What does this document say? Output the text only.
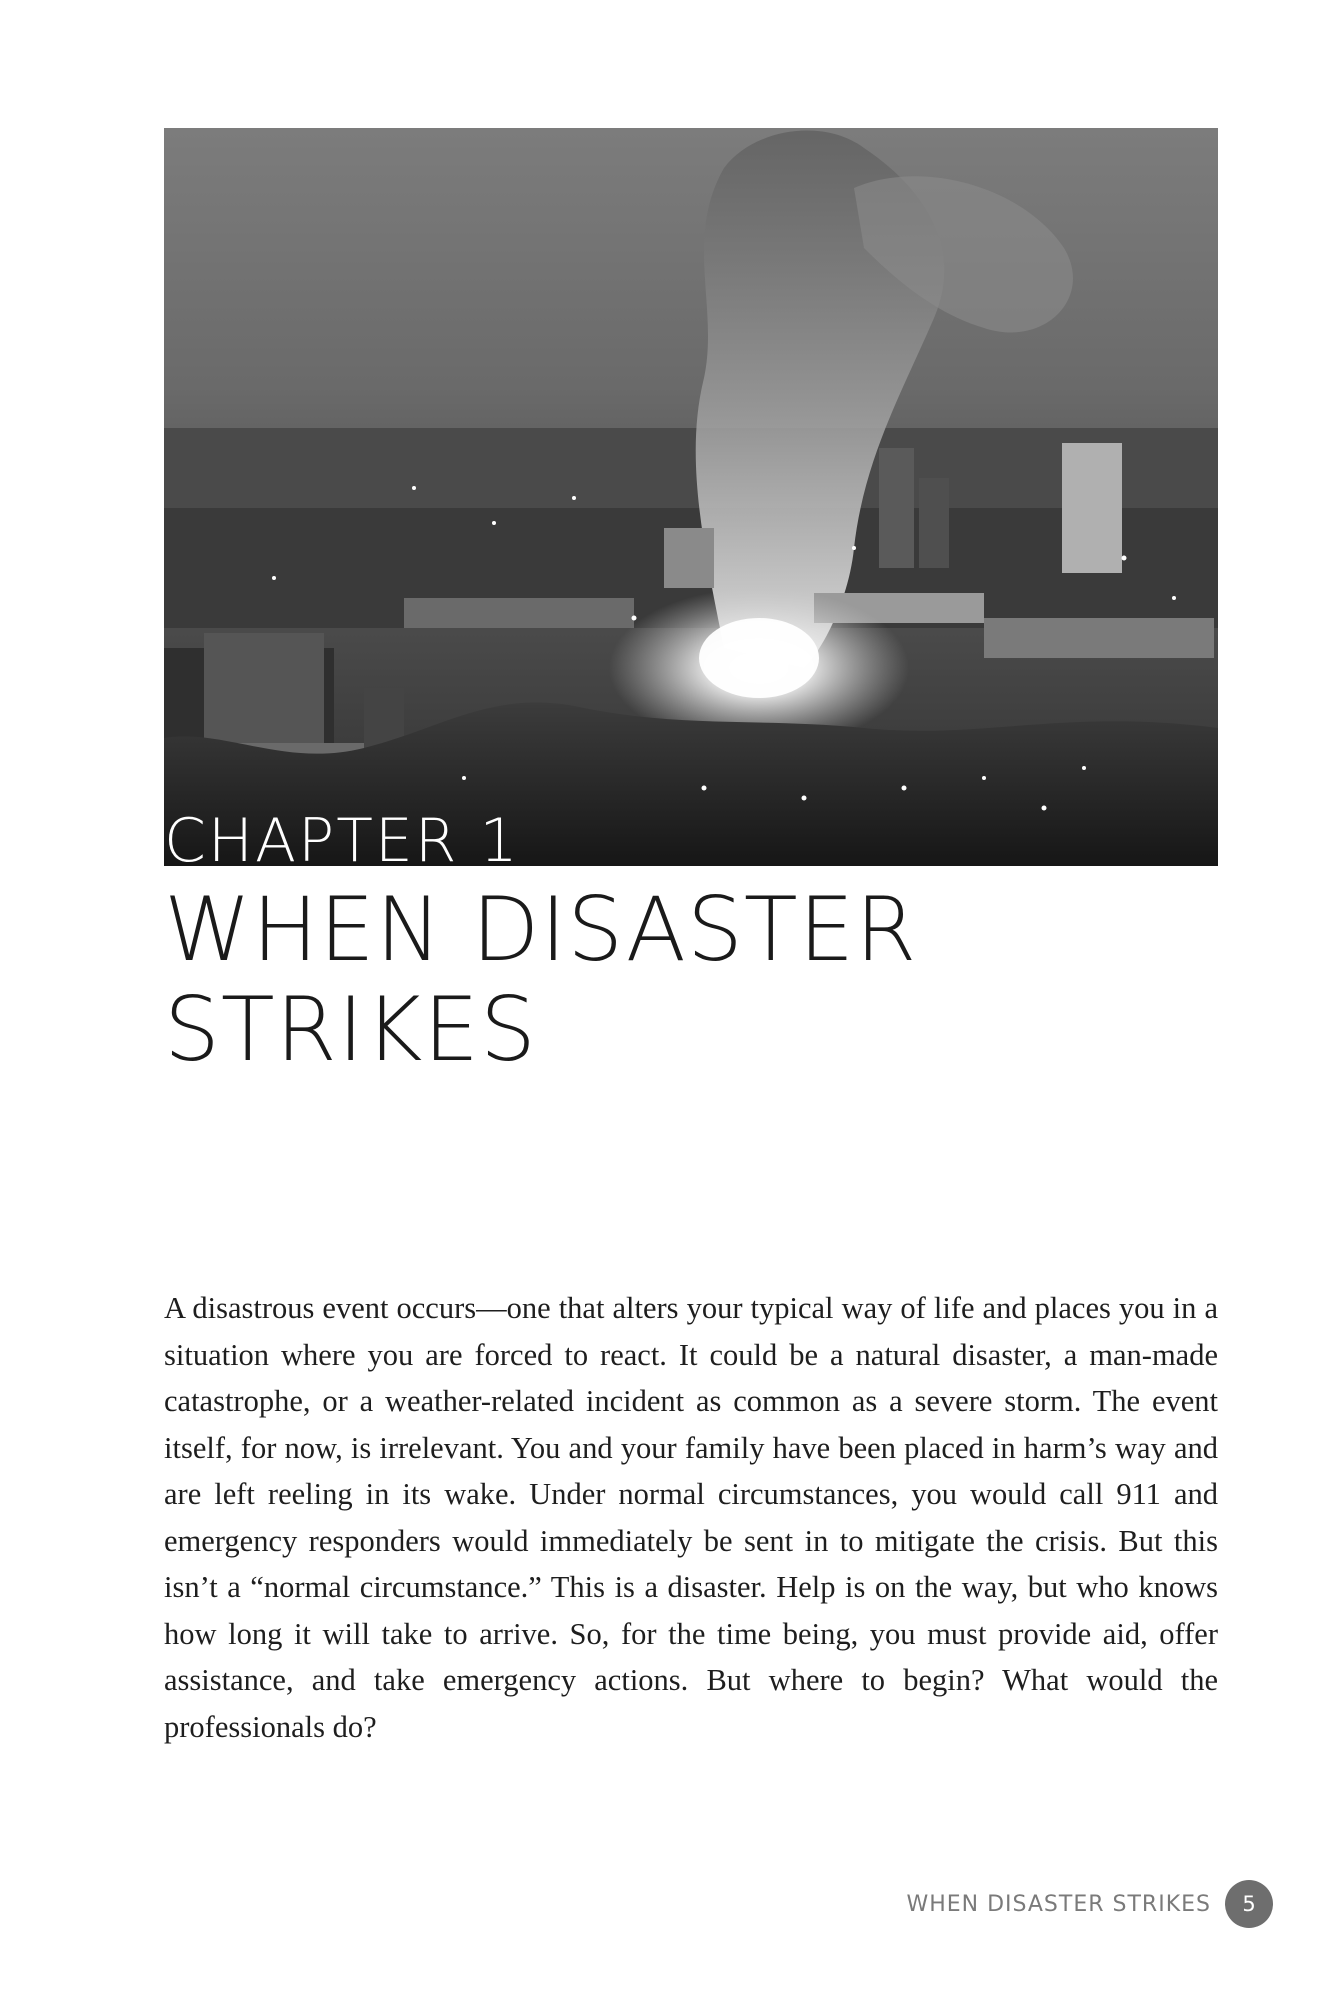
CHAPTER 1
WHEN DISASTER STRIKES

A disastrous event occurs—one that alters your typical way of life and places you in a situation where you are forced to react. It could be a natural disaster, a man-made catastrophe, or a weather-related incident as common as a severe storm. The event itself, for now, is irrelevant. You and your family have been placed in harm’s way and are left reeling in its wake. Under normal circumstances, you would call 911 and emergency responders would immediately be sent in to mitigate the crisis. But this isn’t a “normal circumstance.” This is a disaster. Help is on the way, but who knows how long it will take to arrive. So, for the time being, you must provide aid, offer assistance, and take emergency actions. But where to begin? What would the professionals do?

WHEN DISASTER STRIKES	5
